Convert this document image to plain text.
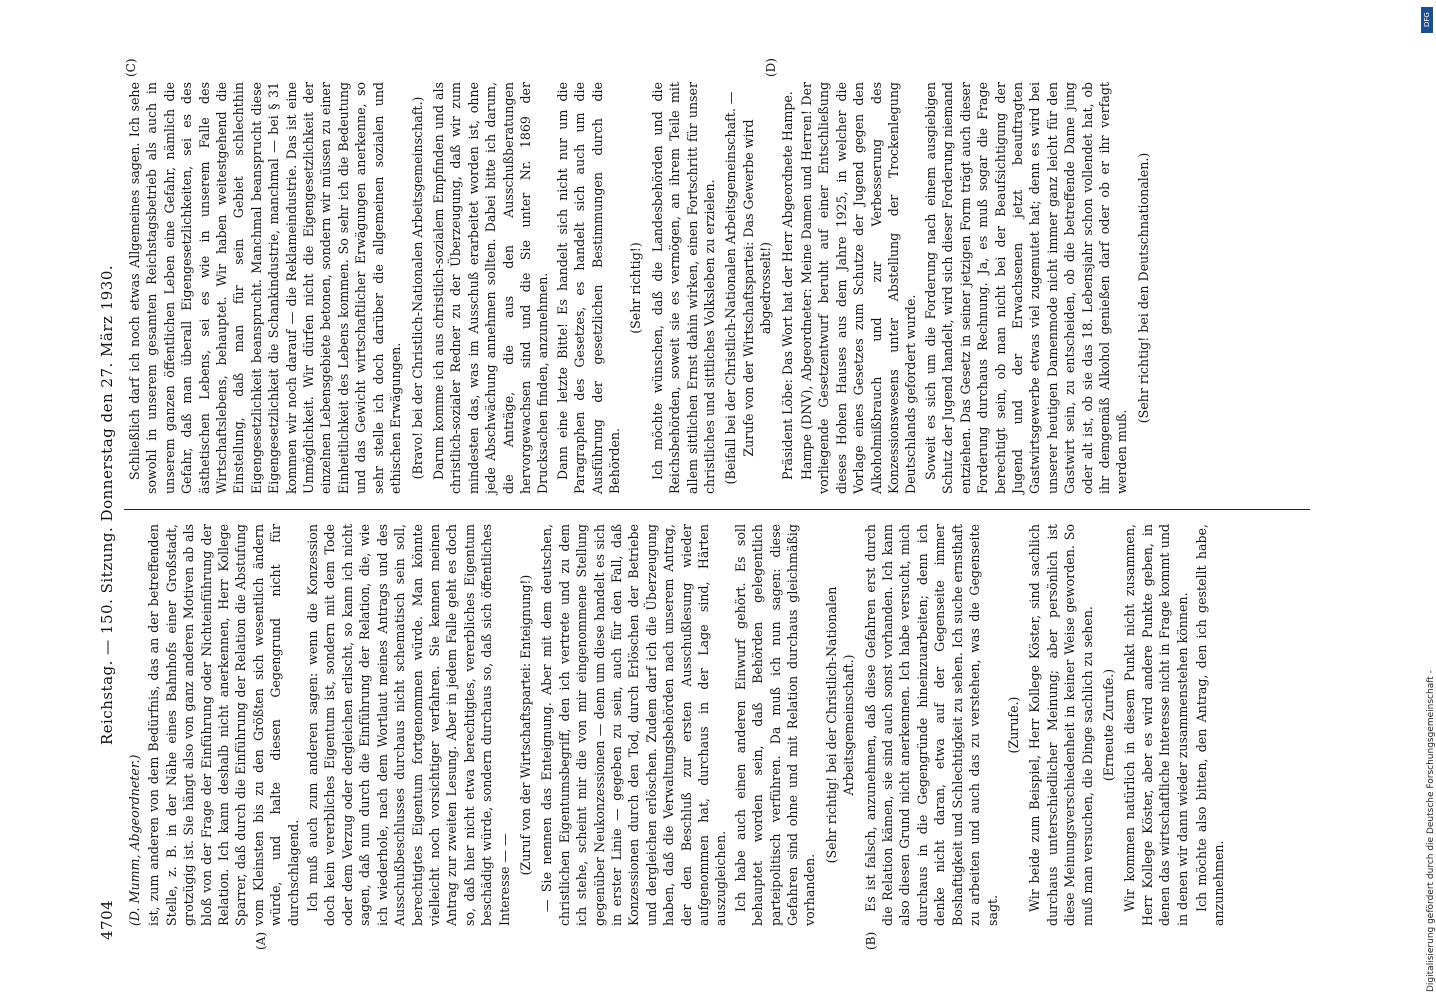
4704
Reichstag. — 150. Sitzung. Donnerstag den 27. März 1930.
(A)	(B)
(C)	(D)

(D. Mumm, Abgeordneter.) ist, zum anderen von dem Bedürfnis, das an der betreffenden Stelle, z. B. in der Nähe eines Bahnhofs einer Großstadt, grotzügig ist. Sie hängt also von ganz anderen Motiven ab als bloß von der Frage der Einführung oder Nichteinführung der Relation. Ich kann deshalb nicht anerkennen, Herr Kollege Sparrer, daß durch die Einführung der Relation die Abstufung vom Kleinsten bis zu den Größten sich wesentlich ändern würde, und halte diesen Gegengrund nicht für durchschlagend. Ich muß auch zum anderen sagen: wenn die Konzession doch kein vererbliches Eigentum ist, sondern mit dem Tode oder dem Verzug oder dergleichen erlischt, so kann ich nicht sagen, daß nun durch die Einführung der Relation, die, wie ich wiederhole, nach dem Wortlaut meines Antrags und des Ausschußbeschlusses durchaus nicht schematisch sein soll, berechtigtes Eigentum fortgenommen würde. Man könnte vielleicht noch vorsichtiger verfahren. Sie kennen meinen Antrag zur zweiten Lesung. Aber in jedem Falle geht es doch so, daß hier nicht etwa berechtigtes, vererbliches Eigentum beschädigt würde, sondern durchaus so, daß sich öffentliches Interesse — —

(Zuruf von der Wirtschaftspartei: Enteignung!) — Sie nennen das Enteignung. Aber mit dem deutschen, christlichen Eigentumsbegriff, den ich vertrete und zu dem ich stehe, scheint mir die von mir eingenommene Stellung gegenüber Neukonzessionen — denn um diese handelt es sich in erster Linie — gegeben zu sein, auch für den Fall, daß Konzessionen durch den Tod, durch Erlöschen der Betriebe und dergleichen erlöschen. Zudem darf ich die Überzeugung haben, daß die Verwaltungsbehörden nach unserem Antrag, der den Beschluß zur ersten Ausschußlesung wieder aufgenommen hat, durchaus in der Lage sind, Härten auszugleichen. Ich habe auch einen anderen Einwurf gehört. Es soll behauptet worden sein, daß Behörden gelegentlich parteipolitisch verführen. Da muß ich nun sagen: diese Gefahren sind ohne und mit Relation durchaus gleichmäßig vorhanden.

(Sehr richtig! bei der Christlich-Nationalen Arbeitsgemeinschaft.) Es ist falsch, anzunehmen, daß diese Gefahren erst durch die Relation kämen, sie sind auch sonst vorhanden. Ich kann also diesen Grund nicht anerkennen. Ich habe versucht, mich durchaus in die Gegengründe hineinzuarbeiten; denn ich denke nicht daran, etwa auf der Gegenseite immer Boshaftigkeit und Schlechtigkeit zu sehen. Ich suche ernsthaft zu arbeiten und auch das zu verstehen, was die Gegenseite sagt.

(Zurufe.) Wir beide zum Beispiel, Herr Kollege Köster, sind sachlich durchaus unterschiedlicher Meinung; aber persönlich ist diese Meinungsverschiedenheit in keiner Weise geworden. So muß man versuchen, die Dinge sachlich zu sehen. (Erneute Zurufe.) Wir kommen natürlich in diesem Punkt nicht zusammen, Herr Kollege Köster, aber es wird andere Punkte geben, in denen das wirtschaftliche Interesse nicht in Frage kommt und in denen wir dann wieder zusammenstehen können. Ich möchte also bitten, den Antrag, den ich gestellt habe, anzunehmen.

Schließlich darf ich noch etwas Allgemeines sagen. Ich sehe sowohl in unserem gesamten Reichstagsbetrieb als auch in unserem ganzen öffentlichen Leben eine Gefahr, nämlich die Gefahr, daß man überall Eigengesetzlichkeiten, sei es des ästhetischen Lebens, sei es wie in unserem Falle des Wirtschaftslebens, behauptet. Wir haben weitestgehend die Einstellung, daß man für sein Gebiet schlechthin Eigengesetzlichkeit beansprucht. Manchmal beansprucht diese Eigengesetzlichkeit die Schankindustrie, manchmal — bei § 31 kommen wir noch darauf — die Reklameindustrie. Das ist eine Unmöglichkeit. Wir dürfen nicht die Eigengesetzlichkeit der einzelnen Lebensgebiete betonen, sondern wir müssen zu einer Einheitlichkeit des Lebens kommen. So sehr ich die Bedeutung und das Gewicht wirtschaftlicher Erwägungen anerkenne, so sehr stelle ich doch darüber die allgemeinen sozialen und ethischen Erwägungen. (Bravo! bei der Christlich-Nationalen Arbeitsgemeinschaft.) Darum komme ich aus christlich-sozialem Empfinden und als christlich-sozialer Redner zu der Überzeugung, daß wir zum mindesten das, was im Ausschuß erarbeitet worden ist, ohne jede Abschwächung annehmen sollten. Dabei bitte ich darum, die Anträge, die aus den Ausschußberatungen hervorgewachsen sind und die Sie unter Nr. 1869 der Drucksachen finden, anzunehmen. Dann eine letzte Bitte! Es handelt sich nicht nur um die Paragraphen des Gesetzes, es handelt sich auch um die Ausführung der gesetzlichen Bestimmungen durch die Behörden.

(Sehr richtig!) Ich möchte wünschen, daß die Landesbehörden und die Reichsbehörden, soweit sie es vermögen, an ihrem Teile mit allem sittlichen Ernst dahin wirken, einen Fortschritt für unser christliches und sittliches Volksleben zu erzielen. (Beifall bei der Christlich-Nationalen Arbeitsgemeinschaft. — Zurufe von der Wirtschaftspartei: Das Gewerbe wird abgedrosselt!) Präsident Löbe: Das Wort hat der Herr Abgeordnete Hampe. Hampe (DNV), Abgeordneter: Meine Damen und Herren! Der vorliegende Gesetzentwurf beruht auf einer Entschließung dieses Hohen Hauses aus dem Jahre 1925, in welcher die Vorlage eines Gesetzes zum Schutze der Jugend gegen den Alkoholmißbrauch und zur Verbesserung des Konzessionswesens unter Abstellung der Trockenlegung Deutschlands gefordert wurde. Soweit es sich um die Forderung nach einem ausgiebigen Schutz der Jugend handelt, wird sich dieser Forderung niemand entziehen. Das Gesetz in seiner jetzigen Form trägt auch dieser Forderung durchaus Rechnung. Ja, es muß sogar die Frage berechtigt sein, ob man nicht bei der Beaufsichtigung der Jugend und der Erwachsenen jetzt beauftragten Gastwirtsgewerbe etwas viel zugemutet hat; denn es wird bei unserer heutigen Damenmode nicht immer ganz leicht für den Gastwirt sein, zu entscheiden, ob die betreffende Dame jung oder alt ist, ob sie das 18. Lebensjahr schon vollendet hat, ob ihr demgemäß Alkohol genießen darf oder ob er ihr verfagt werden muß.

(Sehr richtig! bei den Deutschnationalen.)

DFG
Digitalisierung gefördert durch die Deutsche Forschungsgemeinschaft -
